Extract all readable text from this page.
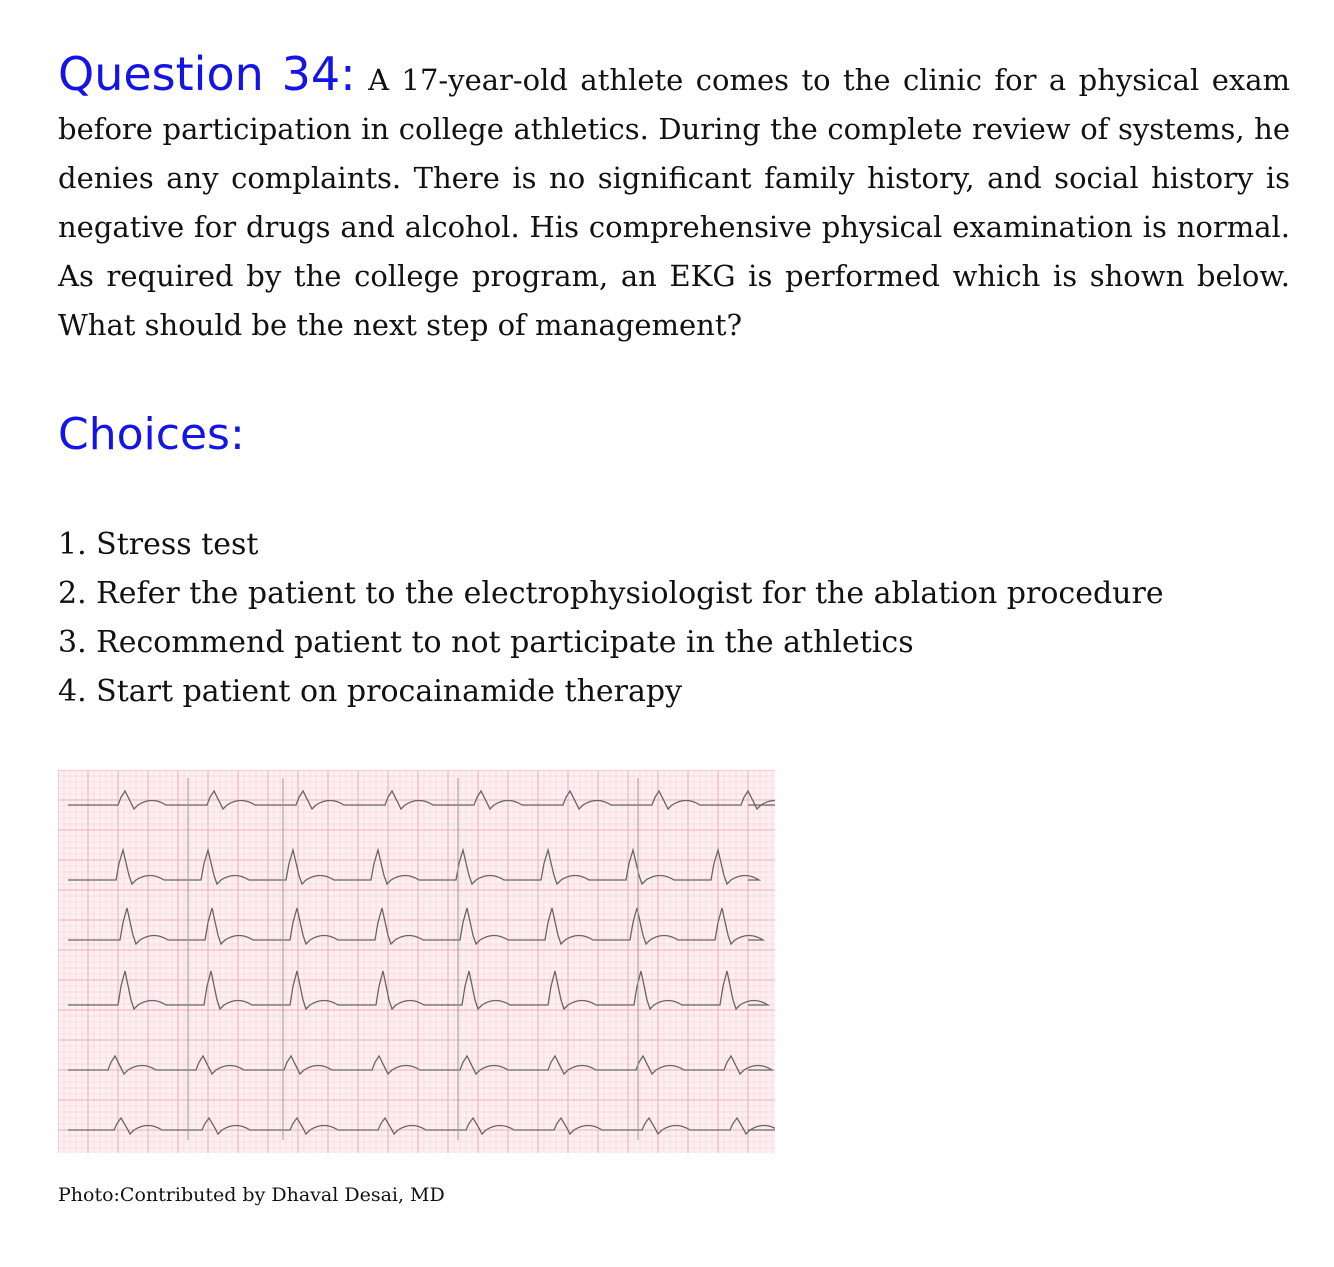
Question 34: A 17-year-old athlete comes to the clinic for a physical exam before participation in college athletics. During the complete review of systems, he denies any complaints. There is no significant family history, and social history is negative for drugs and alcohol. His comprehensive physical examination is normal. As required by the college program, an EKG is performed which is shown below. What should be the next step of management?

Choices:
1. Stress test
2. Refer the patient to the electrophysiologist for the ablation procedure
3. Recommend patient to not participate in the athletics
4. Start patient on procainamide therapy
Photo:Contributed by Dhaval Desai, MD
